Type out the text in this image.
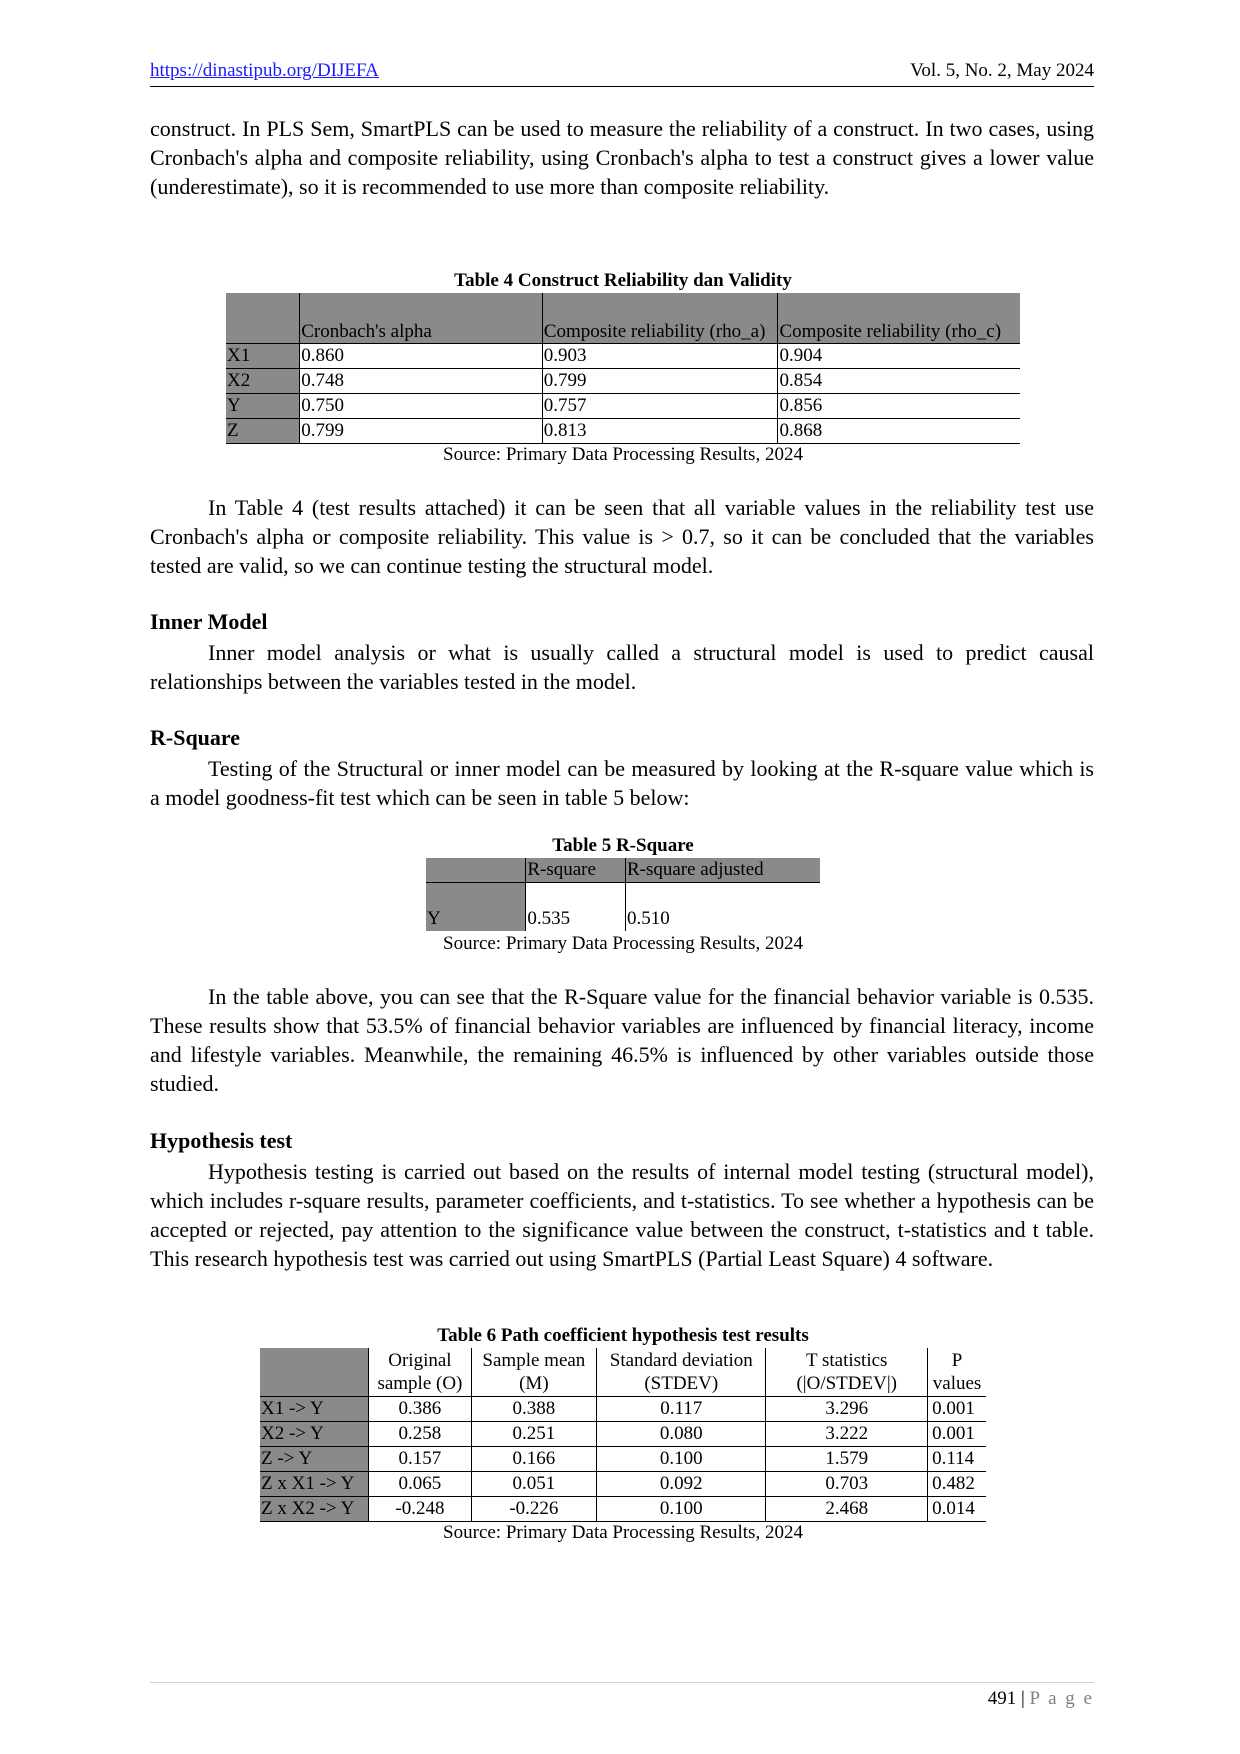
https://dinastipub.org/DIJEFA	Vol. 5, No. 2, May 2024

construct. In PLS Sem, SmartPLS can be used to measure the reliability of a construct. In two cases, using Cronbach's alpha and composite reliability, using Cronbach's alpha to test a construct gives a lower value (underestimate), so it is recommended to use more than composite reliability.

Table 4 Construct Reliability dan Validity
	Cronbach's alpha	Composite reliability (rho_a)	Composite reliability (rho_c)
X1	0.860	0.903	0.904
X2	0.748	0.799	0.854
Y	0.750	0.757	0.856
Z	0.799	0.813	0.868
Source: Primary Data Processing Results, 2024

In Table 4 (test results attached) it can be seen that all variable values in the reliability test use Cronbach's alpha or composite reliability. This value is > 0.7, so it can be concluded that the variables tested are valid, so we can continue testing the structural model.

Inner Model

Inner model analysis or what is usually called a structural model is used to predict causal relationships between the variables tested in the model.

R-Square

Testing of the Structural or inner model can be measured by looking at the R-square value which is a model goodness-fit test which can be seen in table 5 below:

Table 5 R-Square
	R-square	R-square adjusted
Y	0.535	0.510
Source: Primary Data Processing Results, 2024

In the table above, you can see that the R-Square value for the financial behavior variable is 0.535. These results show that 53.5% of financial behavior variables are influenced by financial literacy, income and lifestyle variables. Meanwhile, the remaining 46.5% is influenced by other variables outside those studied.

Hypothesis test

Hypothesis testing is carried out based on the results of internal model testing (structural model), which includes r-square results, parameter coefficients, and t-statistics. To see whether a hypothesis can be accepted or rejected, pay attention to the significance value between the construct, t-statistics and t table. This research hypothesis test was carried out using SmartPLS (Partial Least Square) 4 software.

Table 6 Path coefficient hypothesis test results
	Original sample (O)	Sample mean (M)	Standard deviation (STDEV)	T statistics (|O/STDEV|)	P values
X1 -> Y	0.386	0.388	0.117	3.296	0.001
X2 -> Y	0.258	0.251	0.080	3.222	0.001
Z -> Y	0.157	0.166	0.100	1.579	0.114
Z x X1 -> Y	0.065	0.051	0.092	0.703	0.482
Z x X2 -> Y	-0.248	-0.226	0.100	2.468	0.014
Source: Primary Data Processing Results, 2024
491 | P a g e
